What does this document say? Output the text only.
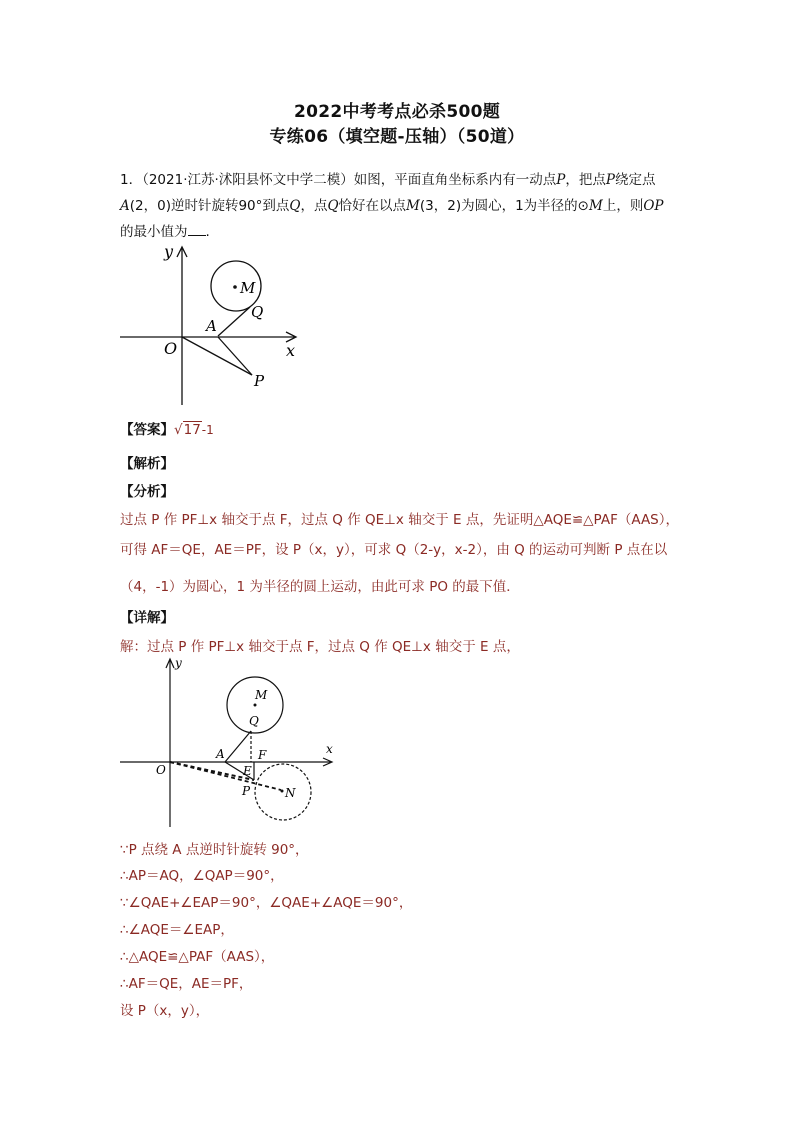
2022中考考点必杀500题
专练06（填空题-压轴）（50道）
1．（2021·江苏·沭阳县怀文中学二模）如图，平面直角坐标系内有一动点P，把点P绕定点
A(2，0)逆时针旋转90°到点Q，点Q恰好在以点M(3，2)为圆心，1为半径的⊙M上，则OP
的最小值为 .
y
x
O
A
M
Q
P
【答案】√17-1
【解析】
【分析】
过点 P 作 PF⊥x 轴交于点 F，过点 Q 作 QE⊥x 轴交于 E 点，先证明△AQE≌△PAF（AAS），
可得 AF＝QE，AE＝PF，设 P（x，y），可求 Q（2-y，x-2），由 Q 的运动可判断 P 点在以
（4，-1）为圆心，1 为半径的圆上运动，由此可求 PO 的最下值．
【详解】
解：过点 P 作 PF⊥x 轴交于点 F，过点 Q 作 QE⊥x 轴交于 E 点，
y
x
O
M
Q
A	F
E
P	N
∵P 点绕 A 点逆时针旋转 90°，
∴AP＝AQ，∠QAP＝90°，
∵∠QAE+∠EAP＝90°，∠QAE+∠AQE＝90°，
∴∠AQE＝∠EAP，
∴△AQE≌△PAF（AAS），
∴AF＝QE，AE＝PF，
设 P（x，y），
